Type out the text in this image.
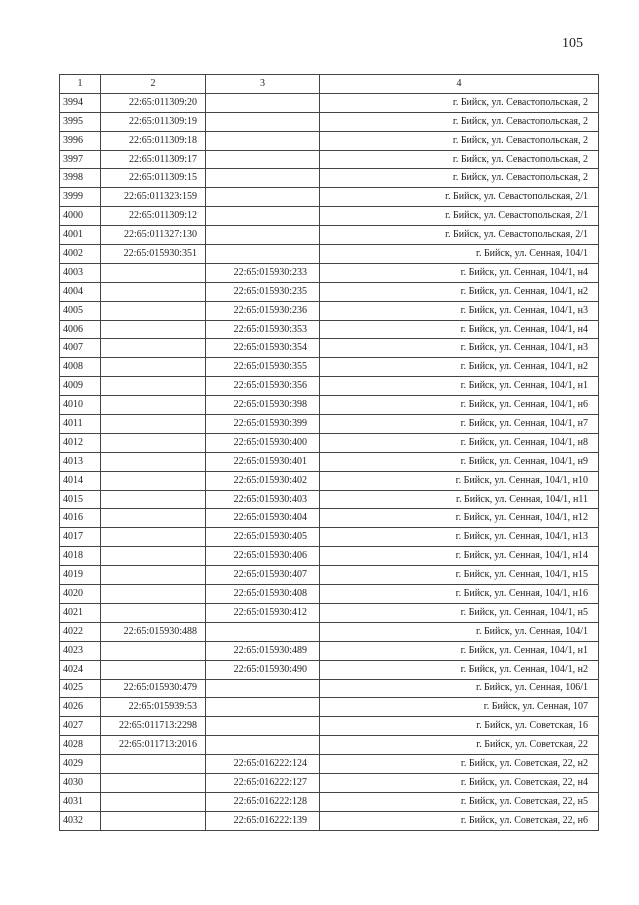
105
1	2	3	4
3994	22:65:011309:20		г. Бийск, ул. Севастопольская, 2
3995	22:65:011309:19		г. Бийск, ул. Севастопольская, 2
3996	22:65:011309:18		г. Бийск, ул. Севастопольская, 2
3997	22:65:011309:17		г. Бийск, ул. Севастопольская, 2
3998	22:65:011309:15		г. Бийск, ул. Севастопольская, 2
3999	22:65:011323:159		г. Бийск, ул. Севастопольская, 2/1
4000	22:65:011309:12		г. Бийск, ул. Севастопольская, 2/1
4001	22:65:011327:130		г. Бийск, ул. Севастопольская, 2/1
4002	22:65:015930:351		г. Бийск, ул. Сенная, 104/1
4003		22:65:015930:233	г. Бийск, ул. Сенная, 104/1, н4
4004		22:65:015930:235	г. Бийск, ул. Сенная, 104/1, н2
4005		22:65:015930:236	г. Бийск, ул. Сенная, 104/1, н3
4006		22:65:015930:353	г. Бийск, ул. Сенная, 104/1, н4
4007		22:65:015930:354	г. Бийск, ул. Сенная, 104/1, н3
4008		22:65:015930:355	г. Бийск, ул. Сенная, 104/1, н2
4009		22:65:015930:356	г. Бийск, ул. Сенная, 104/1, н1
4010		22:65:015930:398	г. Бийск, ул. Сенная, 104/1, н6
4011		22:65:015930:399	г. Бийск, ул. Сенная, 104/1, н7
4012		22:65:015930:400	г. Бийск, ул. Сенная, 104/1, н8
4013		22:65:015930:401	г. Бийск, ул. Сенная, 104/1, н9
4014		22:65:015930:402	г. Бийск, ул. Сенная, 104/1, н10
4015		22:65:015930:403	г. Бийск, ул. Сенная, 104/1, н11
4016		22:65:015930:404	г. Бийск, ул. Сенная, 104/1, н12
4017		22:65:015930:405	г. Бийск, ул. Сенная, 104/1, н13
4018		22:65:015930:406	г. Бийск, ул. Сенная, 104/1, н14
4019		22:65:015930:407	г. Бийск, ул. Сенная, 104/1, н15
4020		22:65:015930:408	г. Бийск, ул. Сенная, 104/1, н16
4021		22:65:015930:412	г. Бийск, ул. Сенная, 104/1, н5
4022	22:65:015930:488		г. Бийск, ул. Сенная, 104/1
4023		22:65:015930:489	г. Бийск, ул. Сенная, 104/1, н1
4024		22:65:015930:490	г. Бийск, ул. Сенная, 104/1, н2
4025	22:65:015930:479		г. Бийск, ул. Сенная, 106/1
4026	22:65:015939:53		г. Бийск, ул. Сенная, 107
4027	22:65:011713:2298		г. Бийск, ул. Советская, 16
4028	22:65:011713:2016		г. Бийск, ул. Советская, 22
4029		22:65:016222:124	г. Бийск, ул. Советская, 22, н2
4030		22:65:016222:127	г. Бийск, ул. Советская, 22, н4
4031		22:65:016222:128	г. Бийск, ул. Советская, 22, н5
4032		22:65:016222:139	г. Бийск, ул. Советская, 22, н6
